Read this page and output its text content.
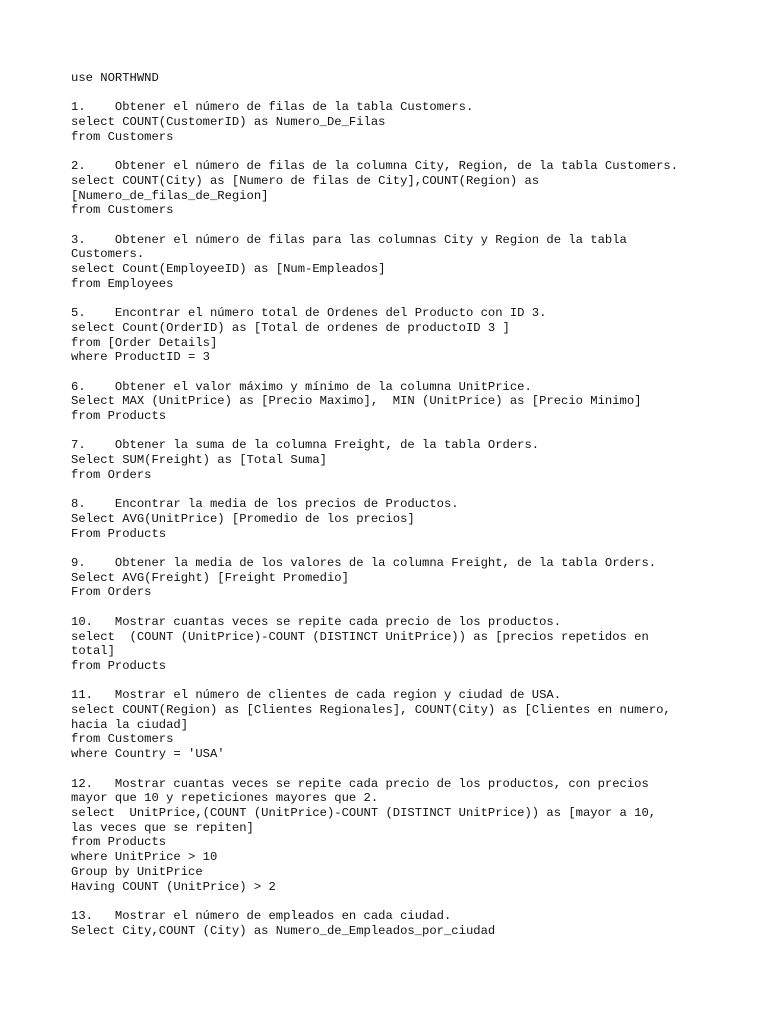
use NORTHWND
1.    Obtener el número de filas de la tabla Customers.
select COUNT(CustomerID) as Numero_De_Filas
from Customers
2.    Obtener el número de filas de la columna City, Region, de la tabla Customers.
select COUNT(City) as [Numero de filas de City],COUNT(Region) as
[Numero_de_filas_de_Region]
from Customers
3.    Obtener el número de filas para las columnas City y Region de la tabla
Customers.
select Count(EmployeeID) as [Num-Empleados]
from Employees
5.    Encontrar el número total de Ordenes del Producto con ID 3.
select Count(OrderID) as [Total de ordenes de productoID 3 ]
from [Order Details]
where ProductID = 3
6.    Obtener el valor máximo y mínimo de la columna UnitPrice.
Select MAX (UnitPrice) as [Precio Maximo],  MIN (UnitPrice) as [Precio Minimo]
from Products
7.    Obtener la suma de la columna Freight, de la tabla Orders.
Select SUM(Freight) as [Total Suma]
from Orders
8.    Encontrar la media de los precios de Productos.
Select AVG(UnitPrice) [Promedio de los precios]
From Products
9.    Obtener la media de los valores de la columna Freight, de la tabla Orders.
Select AVG(Freight) [Freight Promedio]
From Orders
10.   Mostrar cuantas veces se repite cada precio de los productos.
select  (COUNT (UnitPrice)-COUNT (DISTINCT UnitPrice)) as [precios repetidos en
total]
from Products
11.   Mostrar el número de clientes de cada region y ciudad de USA.
select COUNT(Region) as [Clientes Regionales], COUNT(City) as [Clientes en numero,
hacia la ciudad]
from Customers
where Country = 'USA'
12.   Mostrar cuantas veces se repite cada precio de los productos, con precios
mayor que 10 y repeticiones mayores que 2.
select  UnitPrice,(COUNT (UnitPrice)-COUNT (DISTINCT UnitPrice)) as [mayor a 10,
las veces que se repiten]
from Products
where UnitPrice > 10
Group by UnitPrice
Having COUNT (UnitPrice) > 2
13.   Mostrar el número de empleados en cada ciudad.
Select City,COUNT (City) as Numero_de_Empleados_por_ciudad
